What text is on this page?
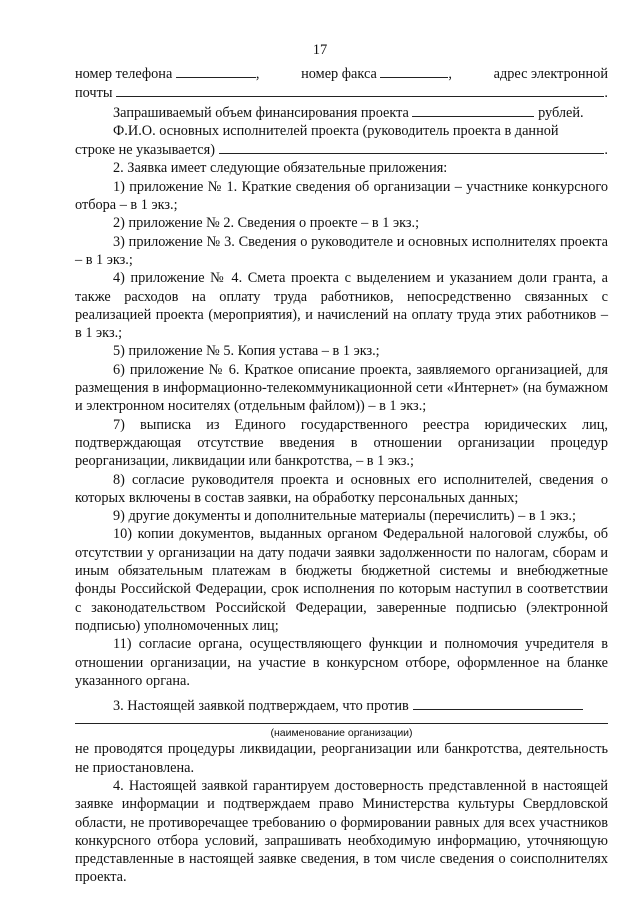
17
номер телефона	,	номер факса	,	адрес электронной
почты	.

Запрашиваемый объем финансирования проекта	рублей.

Ф.И.О. основных исполнителей проекта (руководитель проекта в данной

строке не указывается)	.

2. Заявка имеет следующие обязательные приложения:

1) приложение № 1. Краткие сведения об организации – участнике конкурсного отбора – в 1 экз.;

2) приложение № 2. Сведения о проекте – в 1 экз.;

3) приложение № 3. Сведения о руководителе и основных исполнителях проекта – в 1 экз.;

4) приложение № 4. Смета проекта с выделением и указанием доли гранта, а также расходов на оплату труда работников, непосредственно связанных с реализацией проекта (мероприятия), и начислений на оплату труда этих работников – в 1 экз.;

5) приложение № 5. Копия устава – в 1 экз.;

6) приложение № 6. Краткое описание проекта, заявляемого организацией, для размещения в информационно-телекоммуникационной сети «Интернет» (на бумажном и электронном носителях (отдельным файлом)) – в 1 экз.;

7) выписка из Единого государственного реестра юридических лиц, подтверждающая отсутствие введения в отношении организации процедур реорганизации, ликвидации или банкротства, – в 1 экз.;

8) согласие руководителя проекта и основных его исполнителей, сведения о которых включены в состав заявки, на обработку персональных данных;

9) другие документы и дополнительные материалы (перечислить) – в 1 экз.;

10) копии документов, выданных органом Федеральной налоговой службы, об отсутствии у организации на дату подачи заявки задолженности по налогам, сборам и иным обязательным платежам в бюджеты бюджетной системы и внебюджетные фонды Российской Федерации, срок исполнения по которым наступил в соответствии с законодательством Российской Федерации, заверенные подписью (электронной подписью) уполномоченных лиц;

11) согласие органа, осуществляющего функции и полномочия учредителя в отношении организации, на участие в конкурсном отборе, оформленное на бланке указанного органа.

3. Настоящей заявкой подтверждаем, что против
(наименование организации)

не проводятся процедуры ликвидации, реорганизации или банкротства, деятельность не приостановлена.

4. Настоящей заявкой гарантируем достоверность представленной в настоящей заявке информации и подтверждаем право Министерства культуры Свердловской области, не противоречащее требованию о формировании равных для всех участников конкурсного отбора условий, запрашивать необходимую информацию, уточняющую представленные в настоящей заявке сведения, в том числе сведения о соисполнителях проекта.
